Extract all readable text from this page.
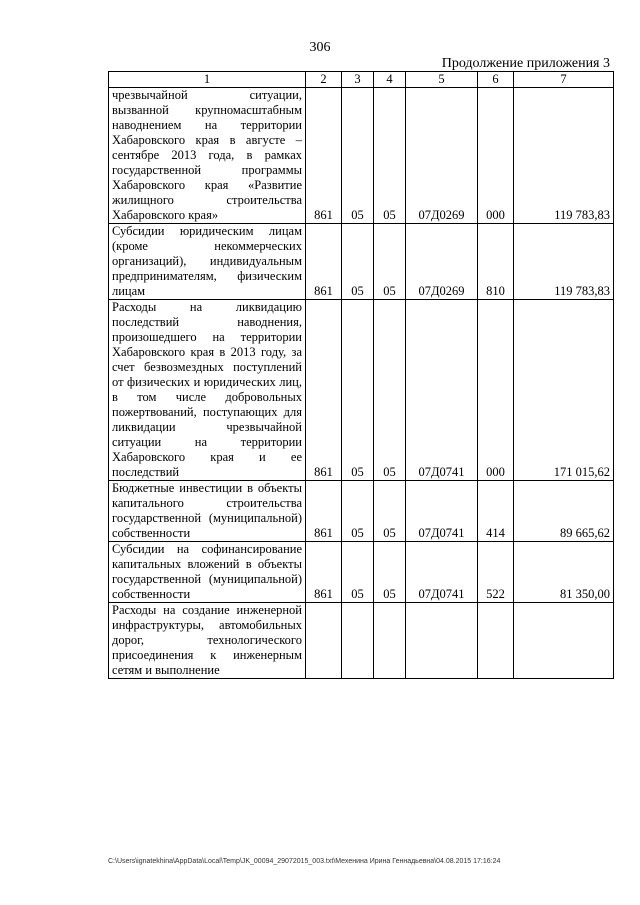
306
Продолжение приложения 3
1	2	3	4	5	6	7
чрезвычайной ситуации, вызванной крупномасштабным наводнением на территории Хабаровского края в августе – сентябре 2013 года, в рамках государственной программы Хабаровского края «Развитие жилищного строительства Хабаровского края»	861	05	05	07Д0269	000	119 783,83
Субсидии юридическим лицам (кроме некоммерческих организаций), индивидуальным предпринимателям, физическим лицам	861	05	05	07Д0269	810	119 783,83
Расходы на ликвидацию последствий наводнения, произошедшего на территории Хабаровского края в 2013 году, за счет безвозмездных поступлений от физических и юридических лиц, в том числе добровольных пожертвований, поступающих для ликвидации чрезвычайной ситуации на территории Хабаровского края и ее последствий	861	05	05	07Д0741	000	171 015,62
Бюджетные инвестиции в объекты капитального строительства государственной (муниципальной) собственности	861	05	05	07Д0741	414	89 665,62
Субсидии на софинансирование капитальных вложений в объекты государственной (муниципальной) собственности	861	05	05	07Д0741	522	81 350,00
Расходы на создание инженерной инфраструктуры, автомобильных дорог, технологического присоединения к инженерным сетям и выполнение						
C:\Users\ignatekhina\AppData\Local\Temp\JK_00094_29072015_003.txt\Мехенина Ирина Геннадьевна\04.08.2015 17:16:24
